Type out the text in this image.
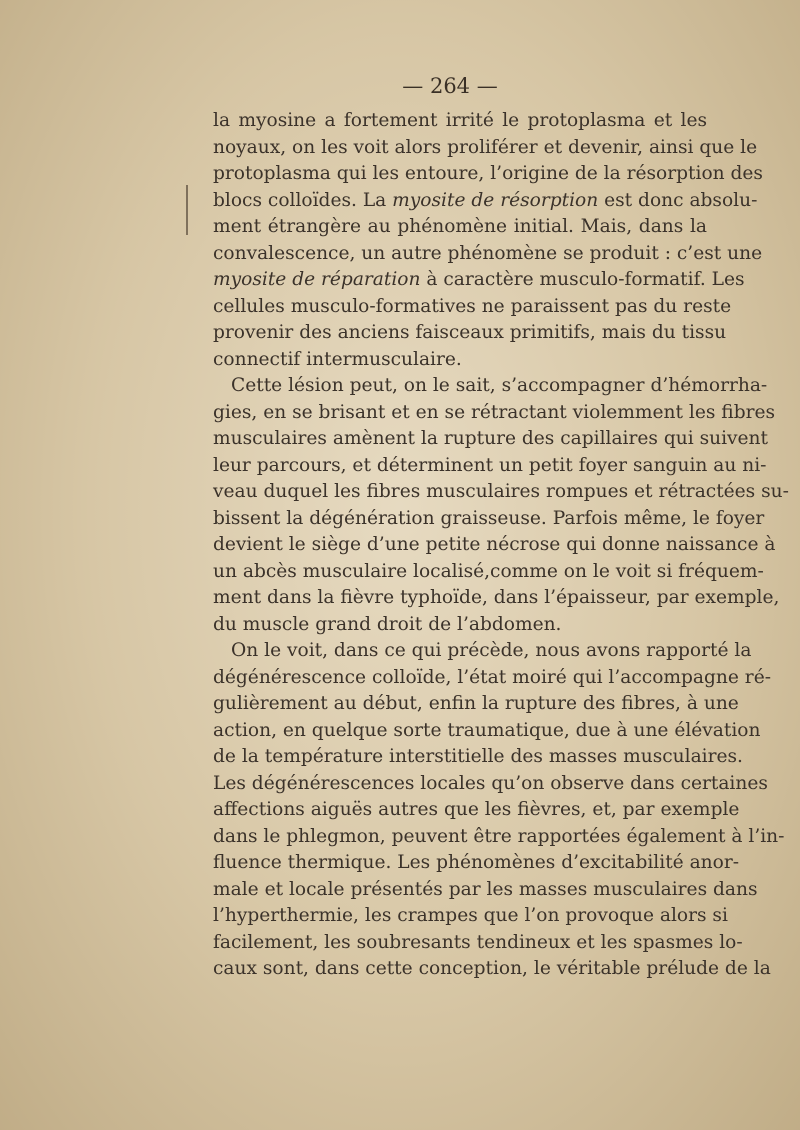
— 264 —
la myosine a fortement irrité le protoplasma et les
noyaux, on les voit alors proliférer et devenir, ainsi que le
protoplasma qui les entoure, l’origine de la résorption des
blocs colloïdes. La myosite de résorption est donc absolu-
ment étrangère au phénomène initial. Mais, dans la
convalescence, un autre phénomène se produit : c’est une
myosite de réparation à caractère musculo-formatif. Les
cellules musculo-formatives ne paraissent pas du reste
provenir des anciens faisceaux primitifs, mais du tissu
connectif intermusculaire.
Cette lésion peut, on le sait, s’accompagner d’hémorrha-
gies, en se brisant et en se rétractant violemment les fibres
musculaires amènent la rupture des capillaires qui suivent
leur parcours, et déterminent un petit foyer sanguin au ni-
veau duquel les fibres musculaires rompues et rétractées su-
bissent la dégénération graisseuse. Parfois même, le foyer
devient le siège d’une petite nécrose qui donne naissance à
un abcès musculaire localisé,comme on le voit si fréquem-
ment dans la fièvre typhoïde, dans l’épaisseur, par exemple,
du muscle grand droit de l’abdomen.
On le voit, dans ce qui précède, nous avons rapporté la
dégénérescence colloïde, l’état moiré qui l’accompagne ré-
gulièrement au début, enfin la rupture des fibres, à une
action, en quelque sorte traumatique, due à une élévation
de la température interstitielle des masses musculaires.
Les dégénérescences locales qu’on observe dans certaines
affections aiguës autres que les fièvres, et, par exemple
dans le phlegmon, peuvent être rapportées également à l’in-
fluence thermique. Les phénomènes d’excitabilité anor-
male et locale présentés par les masses musculaires dans
l’hyperthermie, les crampes que l’on provoque alors si
facilement, les soubresants tendineux et les spasmes lo-
caux sont, dans cette conception, le véritable prélude de la
